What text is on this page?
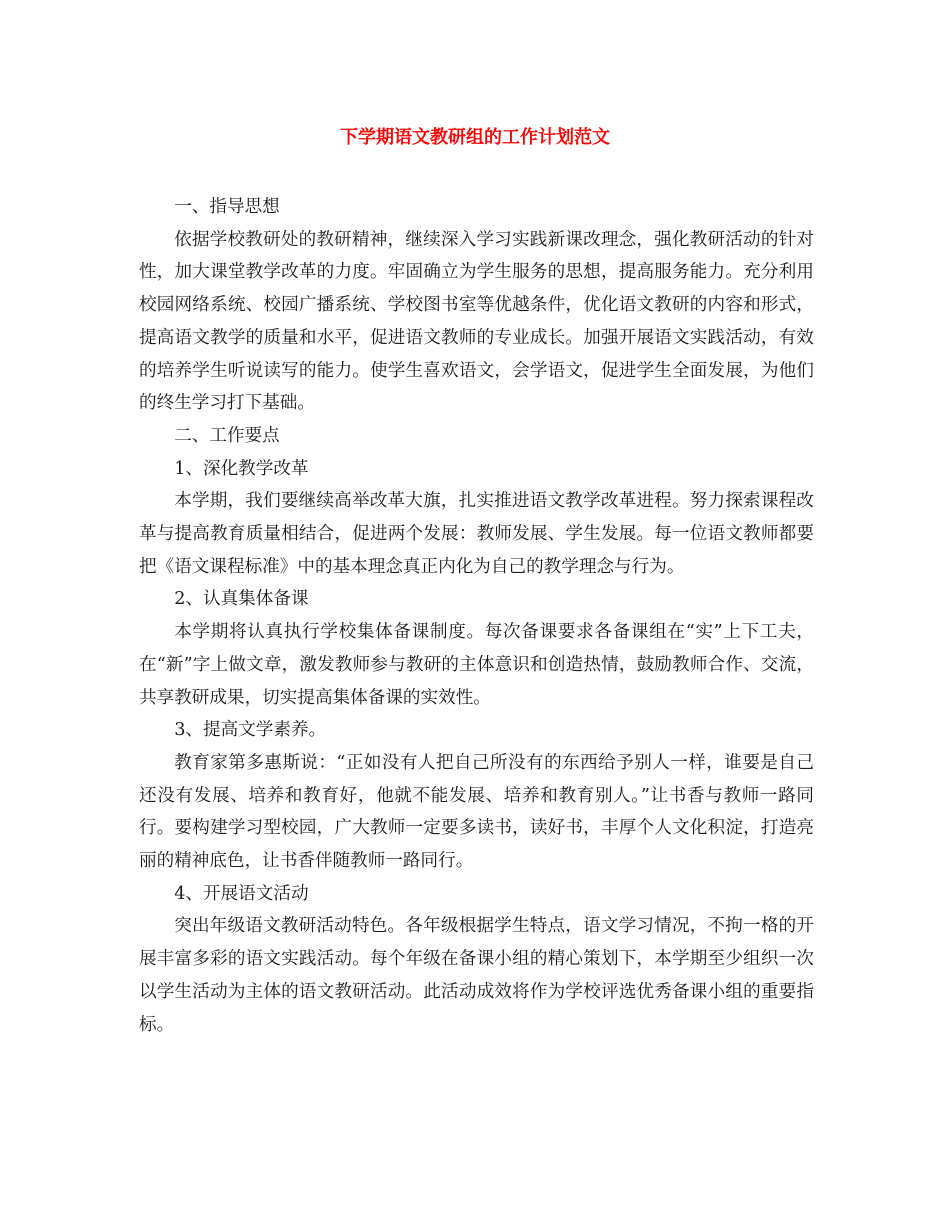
下学期语文教研组的工作计划范文

一、指导思想

依据学校教研处的教研精神，继续深入学习实践新课改理念，强化教研活动的针对性，加大课堂教学改革的力度。牢固确立为学生服务的思想，提高服务能力。充分利用校园网络系统、校园广播系统、学校图书室等优越条件，优化语文教研的内容和形式，提高语文教学的质量和水平，促进语文教师的专业成长。加强开展语文实践活动，有效的培养学生听说读写的能力。使学生喜欢语文，会学语文，促进学生全面发展，为他们的终生学习打下基础。

二、工作要点

1、深化教学改革

本学期，我们要继续高举改革大旗，扎实推进语文教学改革进程。努力探索课程改革与提高教育质量相结合，促进两个发展：教师发展、学生发展。每一位语文教师都要把《语文课程标准》中的基本理念真正内化为自己的教学理念与行为。

2、认真集体备课

本学期将认真执行学校集体备课制度。每次备课要求各备课组在“实”上下工夫，在“新”字上做文章，激发教师参与教研的主体意识和创造热情，鼓励教师合作、交流，共享教研成果，切实提高集体备课的实效性。

3、提高文学素养。

教育家第多惠斯说：“正如没有人把自己所没有的东西给予别人一样，谁要是自己还没有发展、培养和教育好，他就不能发展、培养和教育别人。”让书香与教师一路同行。要构建学习型校园，广大教师一定要多读书，读好书，丰厚个人文化积淀，打造亮丽的精神底色，让书香伴随教师一路同行。

4、开展语文活动

突出年级语文教研活动特色。各年级根据学生特点，语文学习情况，不拘一格的开展丰富多彩的语文实践活动。每个年级在备课小组的精心策划下，本学期至少组织一次以学生活动为主体的语文教研活动。此活动成效将作为学校评选优秀备课小组的重要指标。
